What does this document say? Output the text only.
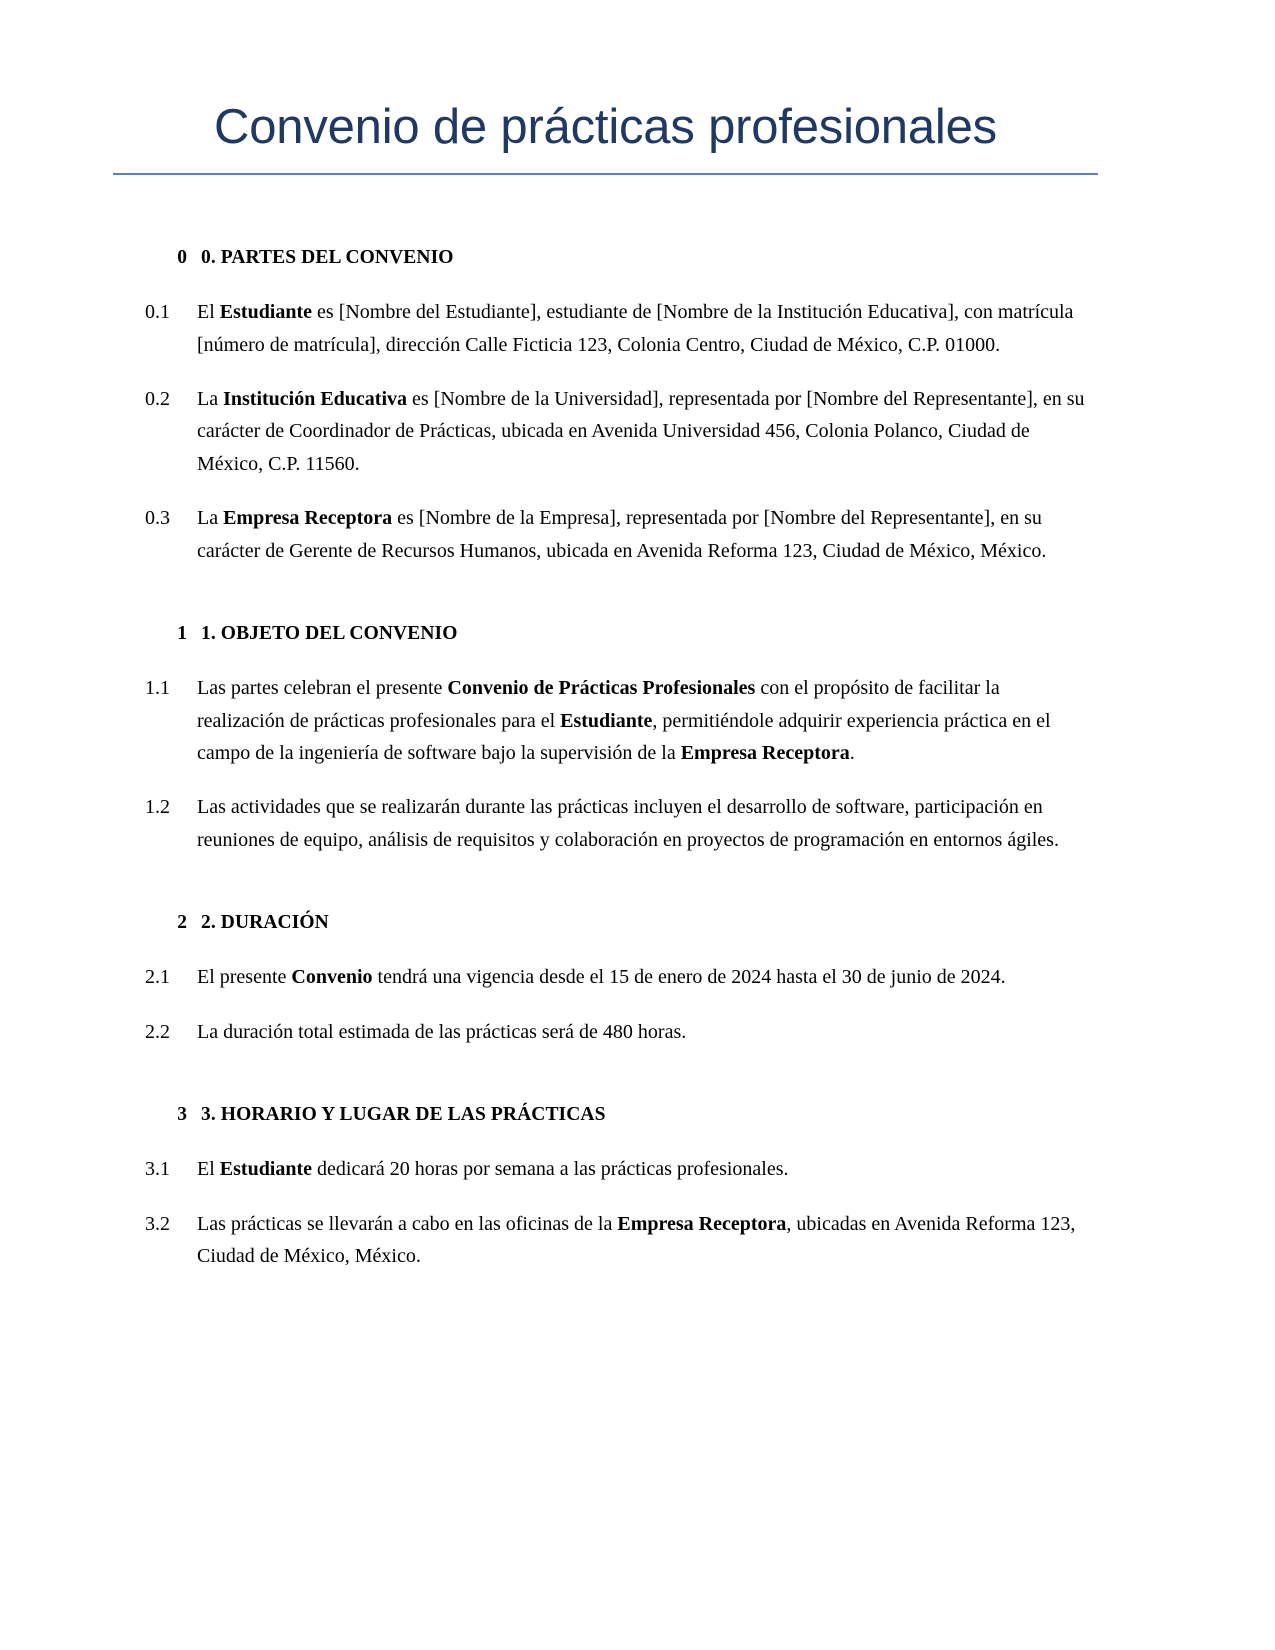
Convenio de prácticas profesionales
0 0. PARTES DEL CONVENIO
0.1	El Estudiante es [Nombre del Estudiante], estudiante de [Nombre de la Institución Educativa], con matrícula [número de matrícula], dirección Calle Ficticia 123, Colonia Centro, Ciudad de México, C.P. 01000.
0.2	La Institución Educativa es [Nombre de la Universidad], representada por [Nombre del Representante], en su carácter de Coordinador de Prácticas, ubicada en Avenida Universidad 456, Colonia Polanco, Ciudad de México, C.P. 11560.
0.3	La Empresa Receptora es [Nombre de la Empresa], representada por [Nombre del Representante], en su carácter de Gerente de Recursos Humanos, ubicada en Avenida Reforma 123, Ciudad de México, México.
1 1. OBJETO DEL CONVENIO
1.1	Las partes celebran el presente Convenio de Prácticas Profesionales con el propósito de facilitar la realización de prácticas profesionales para el Estudiante, permitiéndole adquirir experiencia práctica en el campo de la ingeniería de software bajo la supervisión de la Empresa Receptora.
1.2	Las actividades que se realizarán durante las prácticas incluyen el desarrollo de software, participación en reuniones de equipo, análisis de requisitos y colaboración en proyectos de programación en entornos ágiles.
2 2. DURACIÓN
2.1	El presente Convenio tendrá una vigencia desde el 15 de enero de 2024 hasta el 30 de junio de 2024.
2.2	La duración total estimada de las prácticas será de 480 horas.
3 3. HORARIO Y LUGAR DE LAS PRÁCTICAS
3.1	El Estudiante dedicará 20 horas por semana a las prácticas profesionales.
3.2	Las prácticas se llevarán a cabo en las oficinas de la Empresa Receptora, ubicadas en Avenida Reforma 123, Ciudad de México, México.
